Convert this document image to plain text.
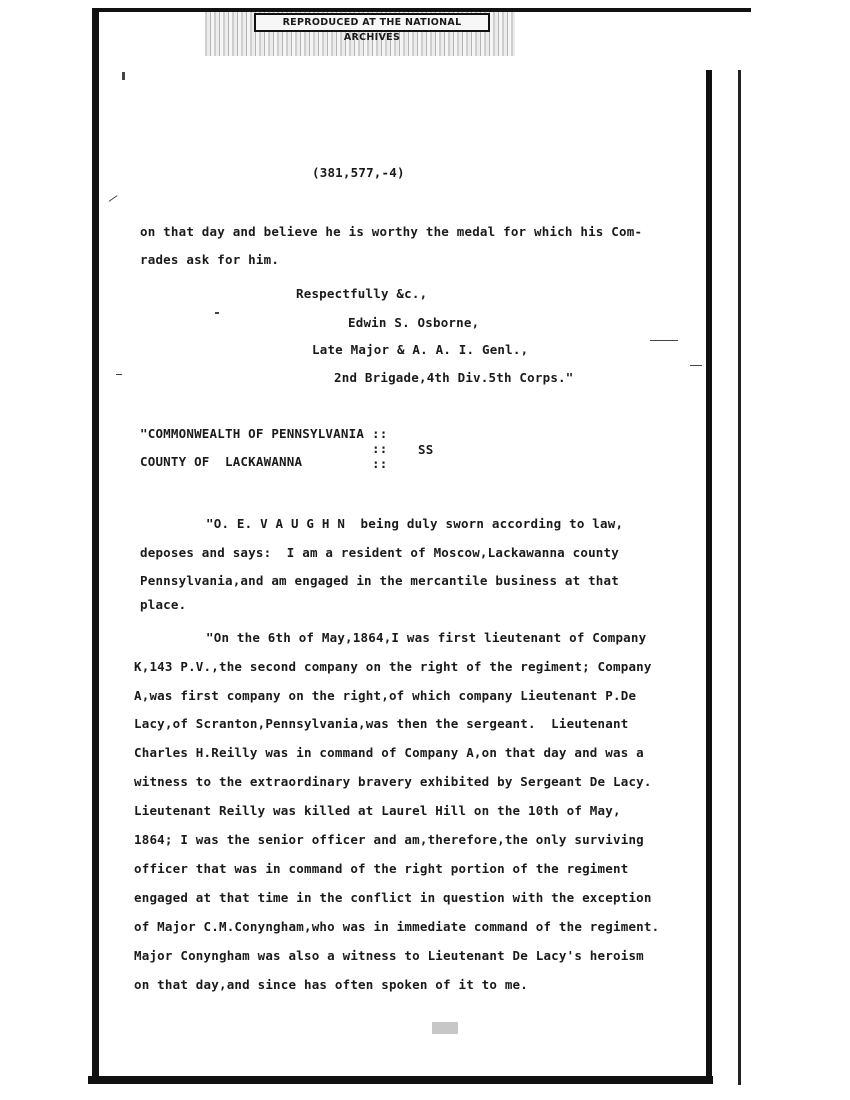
REPRODUCED AT THE NATIONAL ARCHIVES
(381,577,-4)
on that day and believe he is worthy the medal for which his Com-
rades ask for him.
Respectfully &c.,
Edwin S. Osborne,
Late Major & A. A. I. Genl.,
2nd Brigade,4th Div.5th Corps."
"COMMONWEALTH OF PENNSYLVANIA ::
:: SS
COUNTY OF  LACKAWANNA	::
"O. E. V A U G H N  being duly sworn according to law,
deposes and says:  I am a resident of Moscow,Lackawanna county
Pennsylvania,and am engaged in the mercantile business at that
place.
"On the 6th of May,1864,I was first lieutenant of Company
K,143 P.V.,the second company on the right of the regiment; Company
A,was first company on the right,of which company Lieutenant P.De
Lacy,of Scranton,Pennsylvania,was then the sergeant.  Lieutenant
Charles H.Reilly was in command of Company A,on that day and was a
witness to the extraordinary bravery exhibited by Sergeant De Lacy.
Lieutenant Reilly was killed at Laurel Hill on the 10th of May,
1864; I was the senior officer and am,therefore,the only surviving
officer that was in command of the right portion of the regiment
engaged at that time in the conflict in question with the exception
of Major C.M.Conyngham,who was in immediate command of the regiment.
Major Conyngham was also a witness to Lieutenant De Lacy's heroism
on that day,and since has often spoken of it to me.
